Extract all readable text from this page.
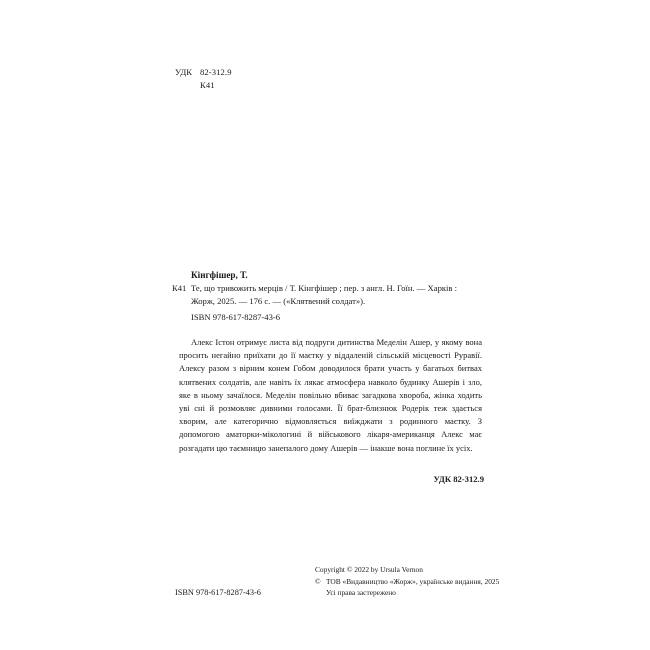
УДК 82-312.9
К41
Кінгфішер, Т.
К41 Те, що тривожить мерців / Т. Кінгфішер ; пер. з англ. Н. Гоїн. — Харків :
Жорж, 2025. — 176 с. — («Клятвений солдат»).
ISBN 978-617-8287-43-6
Алекс Істон отримує листа від подруги дитинства Меделін Ашер, у якому вона просить негайно приїхати до її маєтку у віддаленій сільській місцевості Руравії. Алексу разом з вірним конем Гобом доводилося брати участь у багатьох битвах клятвених солдатів, але навіть їх лякає атмосфера навколо будинку Ашерів і зло, яке в ньому зачаїлося. Меделін повільно вбиває загадкова хвороба, жінка ходить уві сні й розмовляє дивними голосами. Її брат-близнюк Родерік теж здається хворим, але категорично відмовляється виїжджати з родинного маєтку. З допомогою аматорки-мікологині й військового лікаря-американця Алекс має розгадати цю таємницю занепалого дому Ашерів — інакше вона поглине їх усіх.
УДК 82-312.9
ISBN 978-617-8287-43-6
Copyright © 2022 by Ursula Vernon
© ТОВ «Видавництво «Жорж», українське видання, 2025
Усі права застережено
